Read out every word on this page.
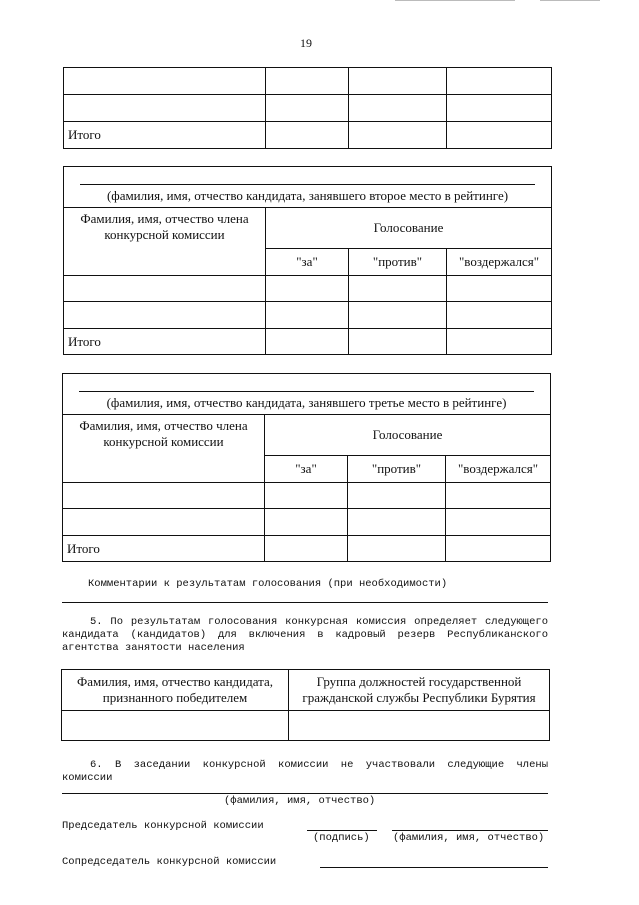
19

Итого			
(фамилия, имя, отчество кандидата, занявшего второе место в рейтинге)			

Фамилия, имя, отчество члена конкурсной комиссии	Голосование		
	"за"	"против"	"воздержался"

Итого			
(фамилия, имя, отчество кандидата, занявшего третье место в рейтинге)			

Фамилия, имя, отчество члена конкурсной комиссии	Голосование		
	"за"	"против"	"воздержался"

Итого			
Комментарии к результатам голосования (при необходимости)
5. По результатам голосования конкурсная комиссия определяет следующего
кандидата (кандидатов) для включения в кадровый резерв Республиканского
агентства занятости населения
Фамилия, имя, отчество кандидата, признанного победителем	Группа должностей государственной гражданской службы Республики Бурятия

6. В заседании конкурсной комиссии не участвовали следующие члены
комиссии
(фамилия, имя, отчество)
Председатель конкурсной комиссии
(подпись) (фамилия, имя, отчество)
Сопредседатель конкурсной комиссии
